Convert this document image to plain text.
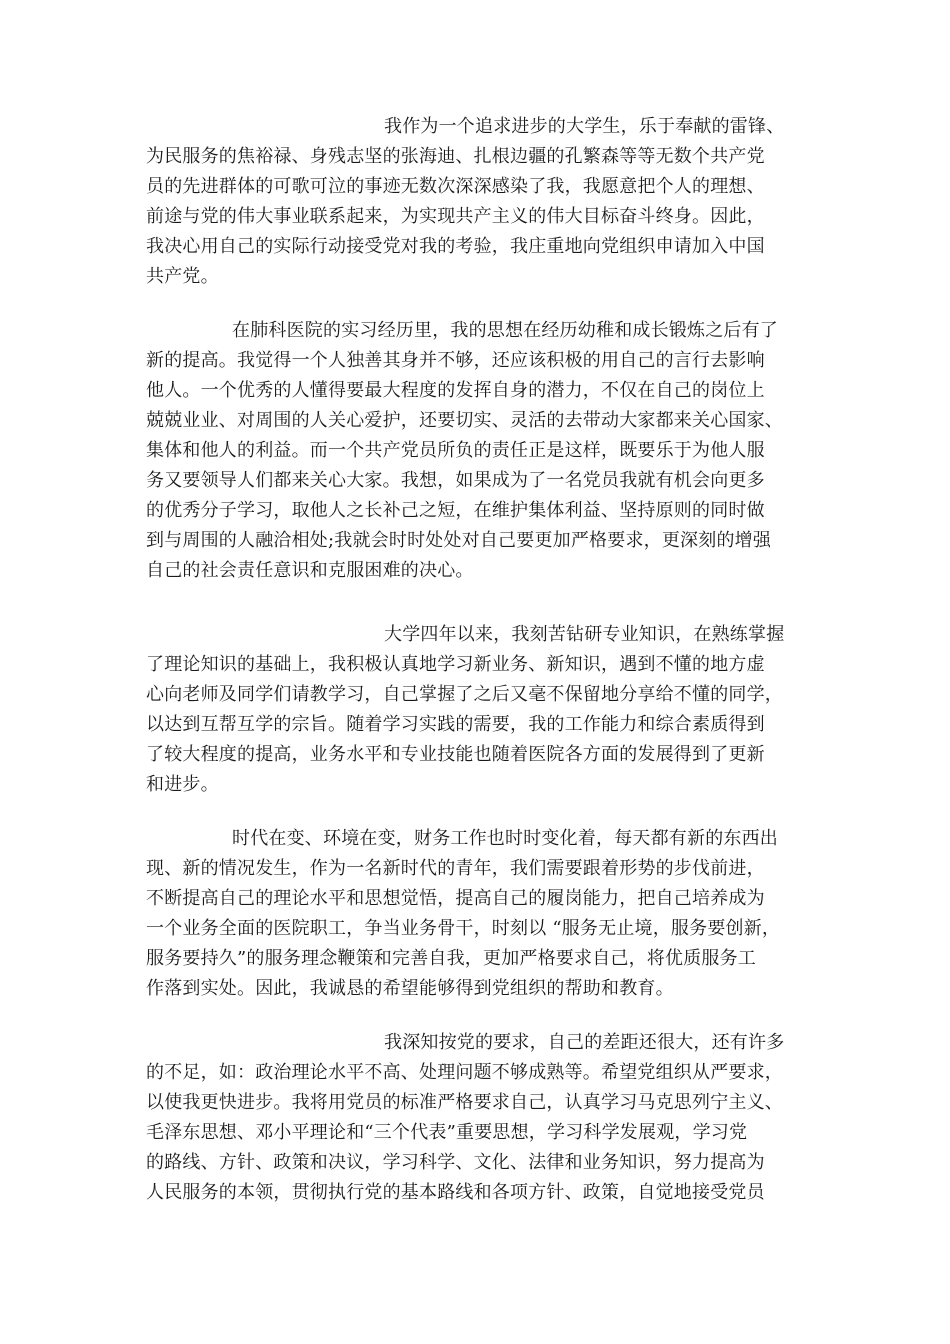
我作为一个追求进步的大学生，乐于奉献的雷锋、
为民服务的焦裕禄、身残志坚的张海迪、扎根边疆的孔繁森等等无数个共产党
员的先进群体的可歌可泣的事迹无数次深深感染了我，我愿意把个人的理想、
前途与党的伟大事业联系起来，为实现共产主义的伟大目标奋斗终身。因此，
我决心用自己的实际行动接受党对我的考验，我庄重地向党组织申请加入中国
共产党。
在肺科医院的实习经历里，我的思想在经历幼稚和成长锻炼之后有了
新的提高。我觉得一个人独善其身并不够，还应该积极的用自己的言行去影响
他人。一个优秀的人懂得要最大程度的发挥自身的潜力，不仅在自己的岗位上
兢兢业业、对周围的人关心爱护，还要切实、灵活的去带动大家都来关心国家、
集体和他人的利益。而一个共产党员所负的责任正是这样，既要乐于为他人服
务又要领导人们都来关心大家。我想，如果成为了一名党员我就有机会向更多
的优秀分子学习，取他人之长补己之短，在维护集体利益、坚持原则的同时做
到与周围的人融洽相处;我就会时时处处对自己要更加严格要求，更深刻的增强
自己的社会责任意识和克服困难的决心。
大学四年以来，我刻苦钻研专业知识，在熟练掌握
了理论知识的基础上，我积极认真地学习新业务、新知识，遇到不懂的地方虚
心向老师及同学们请教学习，自己掌握了之后又毫不保留地分享给不懂的同学，
以达到互帮互学的宗旨。随着学习实践的需要，我的工作能力和综合素质得到
了较大程度的提高，业务水平和专业技能也随着医院各方面的发展得到了更新
和进步。
时代在变、环境在变，财务工作也时时变化着，每天都有新的东西出
现、新的情况发生，作为一名新时代的青年，我们需要跟着形势的步伐前进，
不断提高自己的理论水平和思想觉悟，提高自己的履岗能力，把自己培养成为
一个业务全面的医院职工，争当业务骨干，时刻以 “服务无止境，服务要创新，
服务要持久”的服务理念鞭策和完善自我，更加严格要求自己，将优质服务工
作落到实处。因此，我诚恳的希望能够得到党组织的帮助和教育。
我深知按党的要求，自己的差距还很大，还有许多
的不足，如：政治理论水平不高、处理问题不够成熟等。希望党组织从严要求，
以使我更快进步。我将用党员的标准严格要求自己，认真学习马克思列宁主义、
毛泽东思想、邓小平理论和“三个代表”重要思想，学习科学发展观，学习党
的路线、方针、政策和决议，学习科学、文化、法律和业务知识，努力提高为
人民服务的本领，贯彻执行党的基本路线和各项方针、政策，自觉地接受党员
